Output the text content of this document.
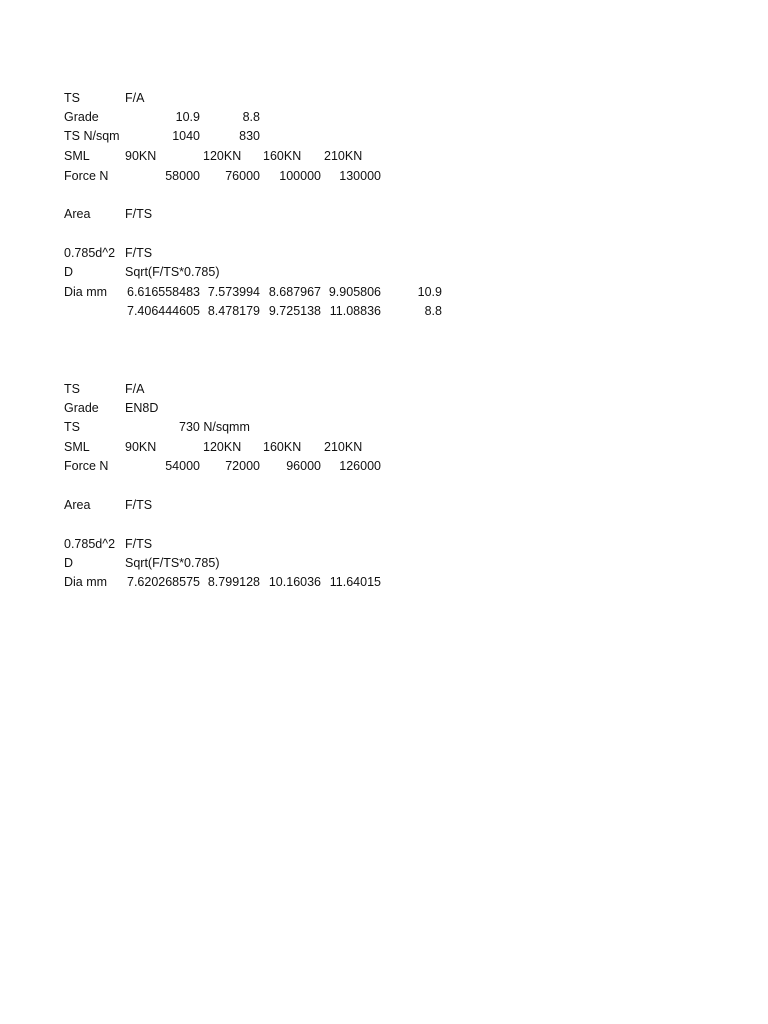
TS	F/A
Grade	10.9	8.8
TS N/sqm	1040	830
SML	90KN	120KN 160KN 210KN
Force N	58000 76000 100000 130000
Area	F/TS
0.785d^2 F/TS
D	Sqrt(F/TS*0.785)
Dia mm 6.616558483 7.573994 8.687967 9.905806	10.9
7.406444605 8.478179 9.725138 11.08836	8.8
TS	F/A
Grade EN8D
TS	730 N/sqmm
SML	90KN	120KN 160KN 210KN
Force N	54000 72000 96000 126000
Area	F/TS
0.785d^2 F/TS
D	Sqrt(F/TS*0.785)
Dia mm 7.620268575 8.799128 10.16036 11.64015
